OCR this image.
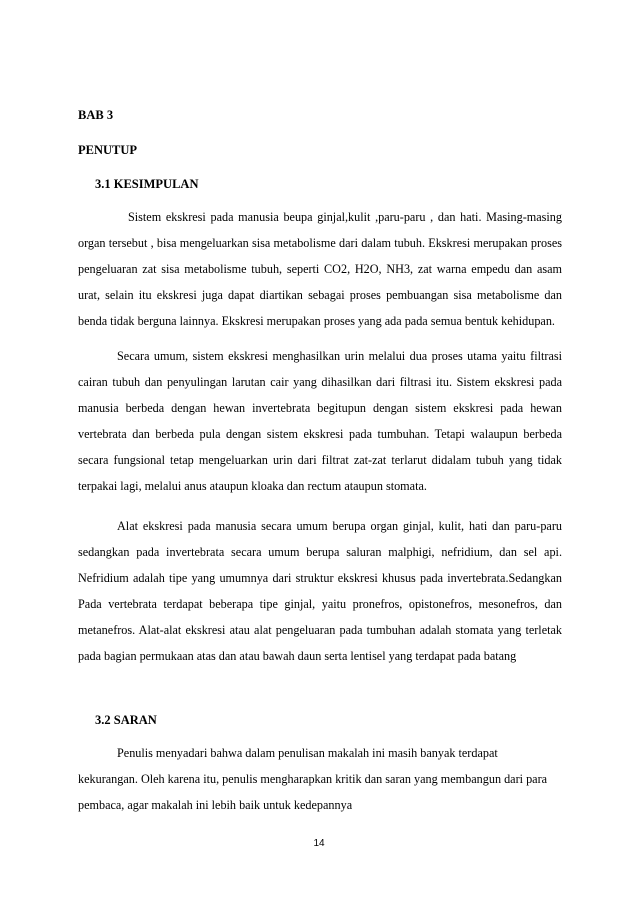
BAB 3
PENUTUP
3.1 KESIMPULAN

Sistem ekskresi pada manusia beupa ginjal,kulit ,paru-paru , dan hati. Masing-masing organ tersebut , bisa mengeluarkan sisa metabolisme dari dalam tubuh. Ekskresi merupakan proses pengeluaran zat sisa metabolisme tubuh, seperti CO2, H2O, NH3, zat warna empedu dan asam urat, selain itu ekskresi juga dapat diartikan sebagai proses pembuangan sisa metabolisme dan benda tidak berguna lainnya. Ekskresi merupakan proses yang ada pada semua bentuk kehidupan.

Secara umum, sistem ekskresi menghasilkan urin melalui dua proses utama yaitu filtrasi cairan tubuh dan penyulingan larutan cair yang dihasilkan dari filtrasi itu. Sistem ekskresi pada manusia berbeda dengan hewan invertebrata begitupun dengan sistem ekskresi pada hewan vertebrata dan berbeda pula dengan sistem ekskresi pada tumbuhan. Tetapi walaupun berbeda secara fungsional tetap mengeluarkan urin dari filtrat zat-zat terlarut didalam tubuh yang tidak terpakai lagi, melalui anus ataupun kloaka dan rectum ataupun stomata.

Alat ekskresi pada manusia secara umum berupa organ ginjal, kulit, hati dan paru-paru sedangkan pada invertebrata secara umum berupa saluran malphigi, nefridium, dan sel api. Nefridium adalah tipe yang umumnya dari struktur ekskresi khusus pada invertebrata.Sedangkan Pada vertebrata terdapat beberapa tipe ginjal, yaitu pronefros, opistonefros, mesonefros, dan metanefros. Alat-alat ekskresi atau alat pengeluaran pada tumbuhan adalah stomata yang terletak pada bagian permukaan atas dan atau bawah daun serta lentisel yang terdapat pada batang

3.2 SARAN

Penulis menyadari bahwa dalam penulisan makalah ini masih banyak terdapat kekurangan. Oleh karena itu, penulis mengharapkan kritik dan saran yang membangun dari para pembaca, agar makalah ini lebih baik untuk kedepannya

14
